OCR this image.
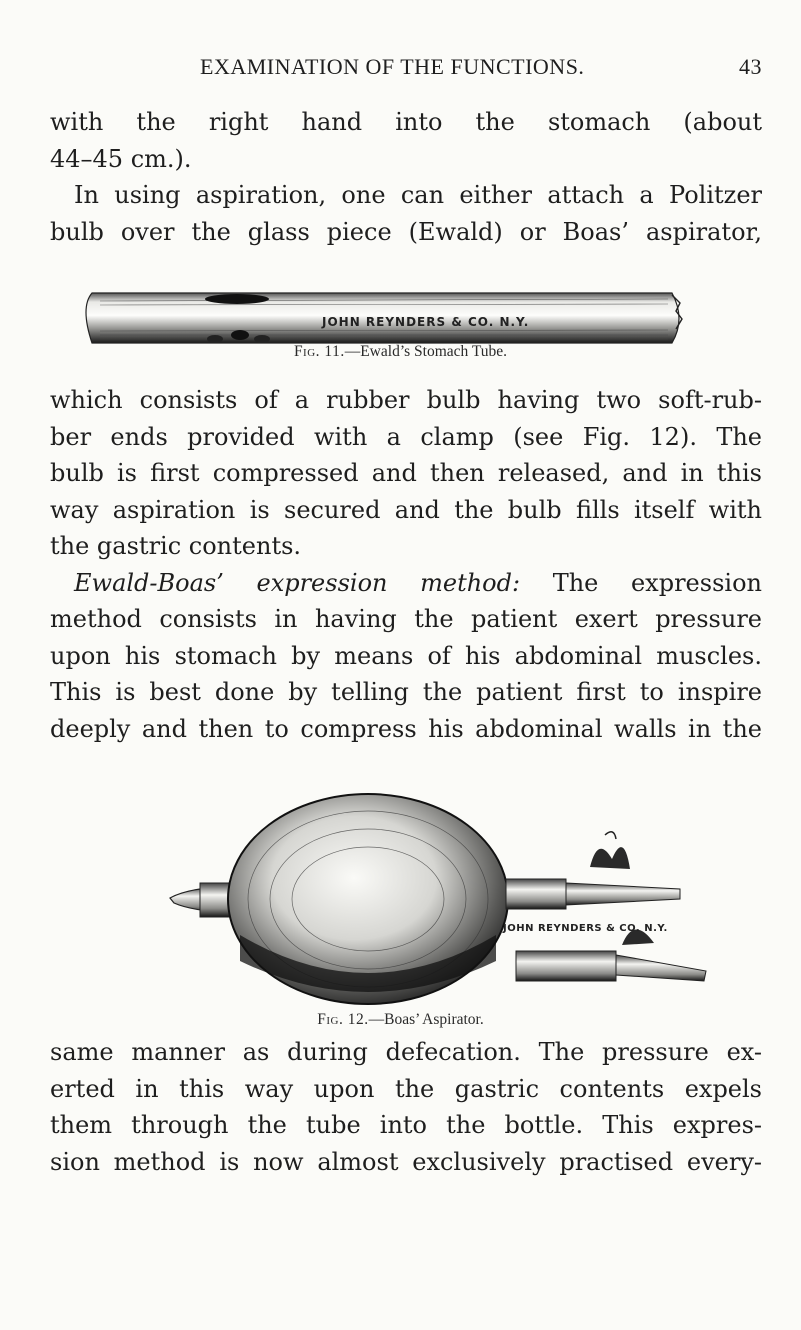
EXAMINATION OF THE FUNCTIONS.	43

with the right hand into the stomach (about
44–45 cm.).

In using aspiration, one can either attach a Politzer
bulb over the glass piece (Ewald) or Boas’ aspirator,

JOHN REYNDERS & CO. N.Y.
Fig. 11.—Ewald’s Stomach Tube.

which consists of a rubber bulb having two soft-rub-
ber ends provided with a clamp (see Fig. 12). The
bulb is first compressed and then released, and in this
way aspiration is secured and the bulb fills itself with
the gastric contents.
Ewald-Boas’ expression method: The expression
method consists in having the patient exert pressure
upon his stomach by means of his abdominal muscles.
This is best done by telling the patient first to inspire
deeply and then to compress his abdominal walls in the

JOHN REYNDERS & CO. N.Y.
Fig. 12.—Boas’ Aspirator.

same manner as during defecation. The pressure ex-
erted in this way upon the gastric contents expels
them through the tube into the bottle. This expres-
sion method is now almost exclusively practised every-
